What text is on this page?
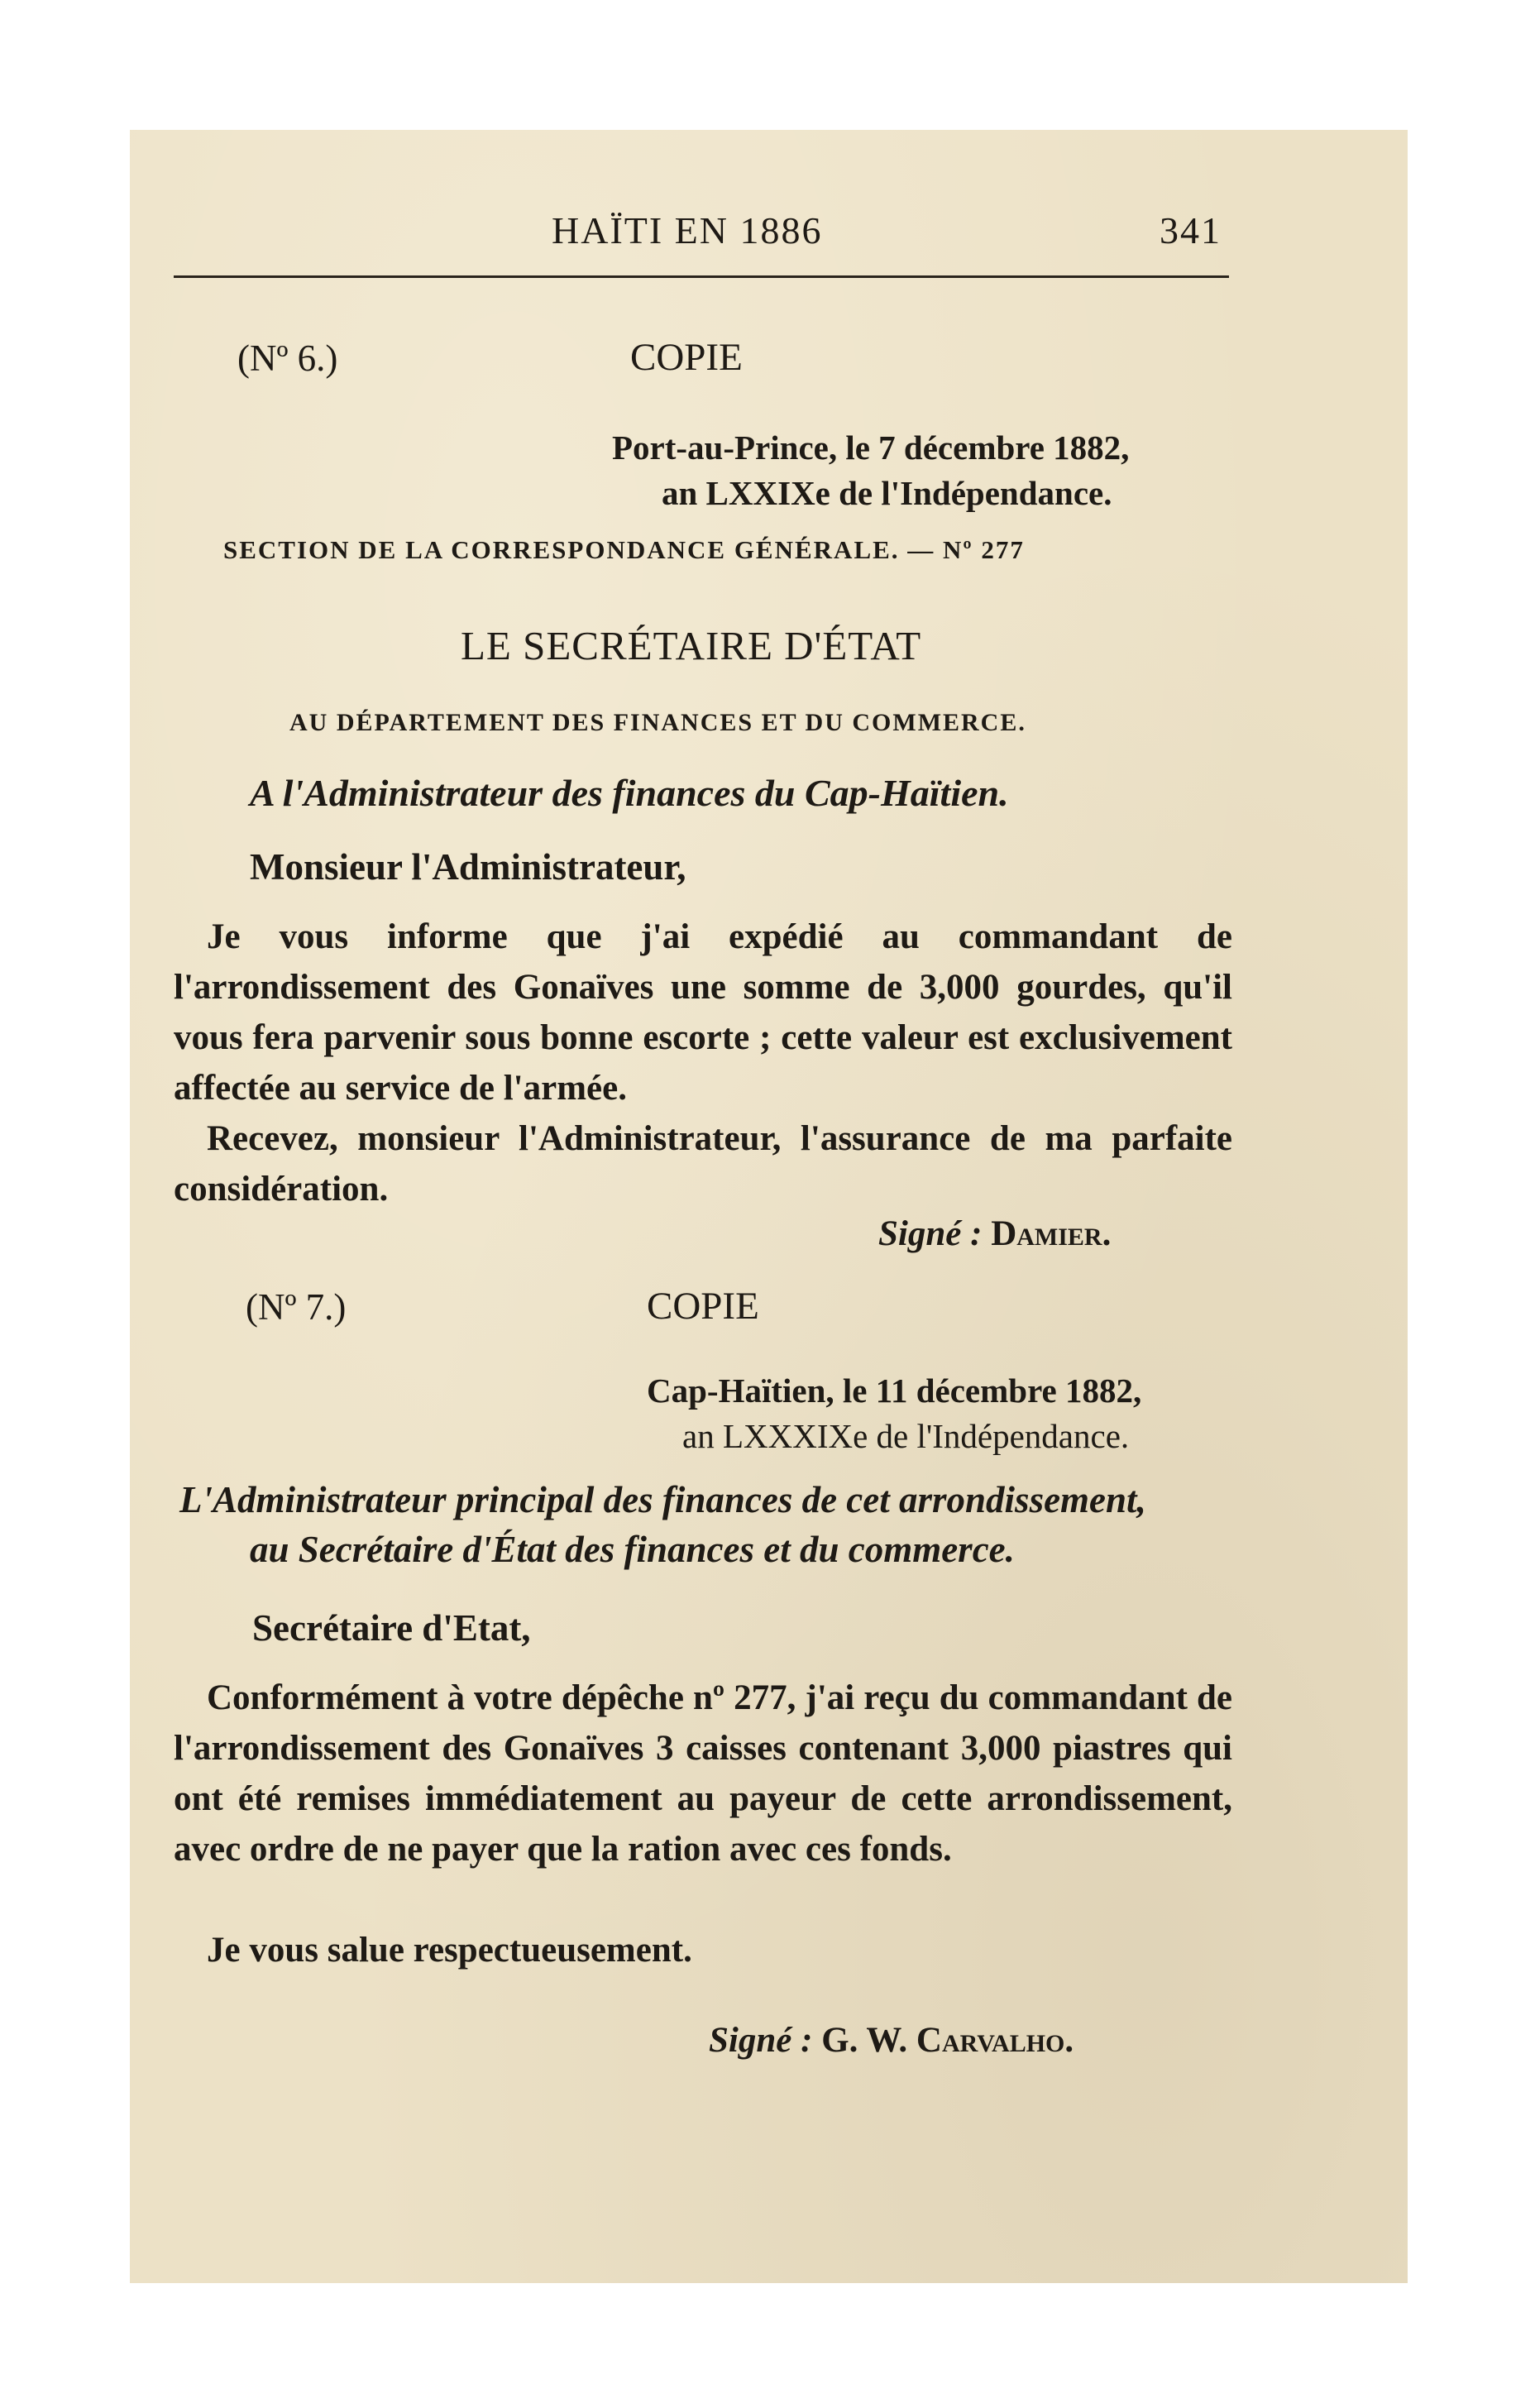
HAÏTI EN 1886	341
(Nº 6.)	COPIE
Port-au-Prince, le 7 décembre 1882,
an LXXIXe de l'Indépendance.
SECTION DE LA CORRESPONDANCE GÉNÉRALE. — Nº 277
LE SECRÉTAIRE D'ÉTAT
AU DÉPARTEMENT DES FINANCES ET DU COMMERCE.
A l'Administrateur des finances du Cap-Haïtien.
Monsieur l'Administrateur,
Je vous informe que j'ai expédié au commandant de l'arrondissement des Gonaïves une somme de 3,000 gourdes, qu'il vous fera parvenir sous bonne escorte ; cette valeur est exclusivement affectée au service de l'armée.
Recevez, monsieur l'Administrateur, l'assurance de ma parfaite considération.
Signé : Damier.
(Nº 7.)	COPIE
Cap-Haïtien, le 11 décembre 1882,
an LXXXIXe de l'Indépendance.
L'Administrateur principal des finances de cet arrondissement,
au Secrétaire d'État des finances et du commerce.
Secrétaire d'Etat,
Conformément à votre dépêche nº 277, j'ai reçu du commandant de l'arrondissement des Gonaïves 3 caisses contenant 3,000 piastres qui ont été remises immédiatement au payeur de cette arrondissement, avec ordre de ne payer que la ration avec ces fonds.
Je vous salue respectueusement.
Signé : G. W. Carvalho.
